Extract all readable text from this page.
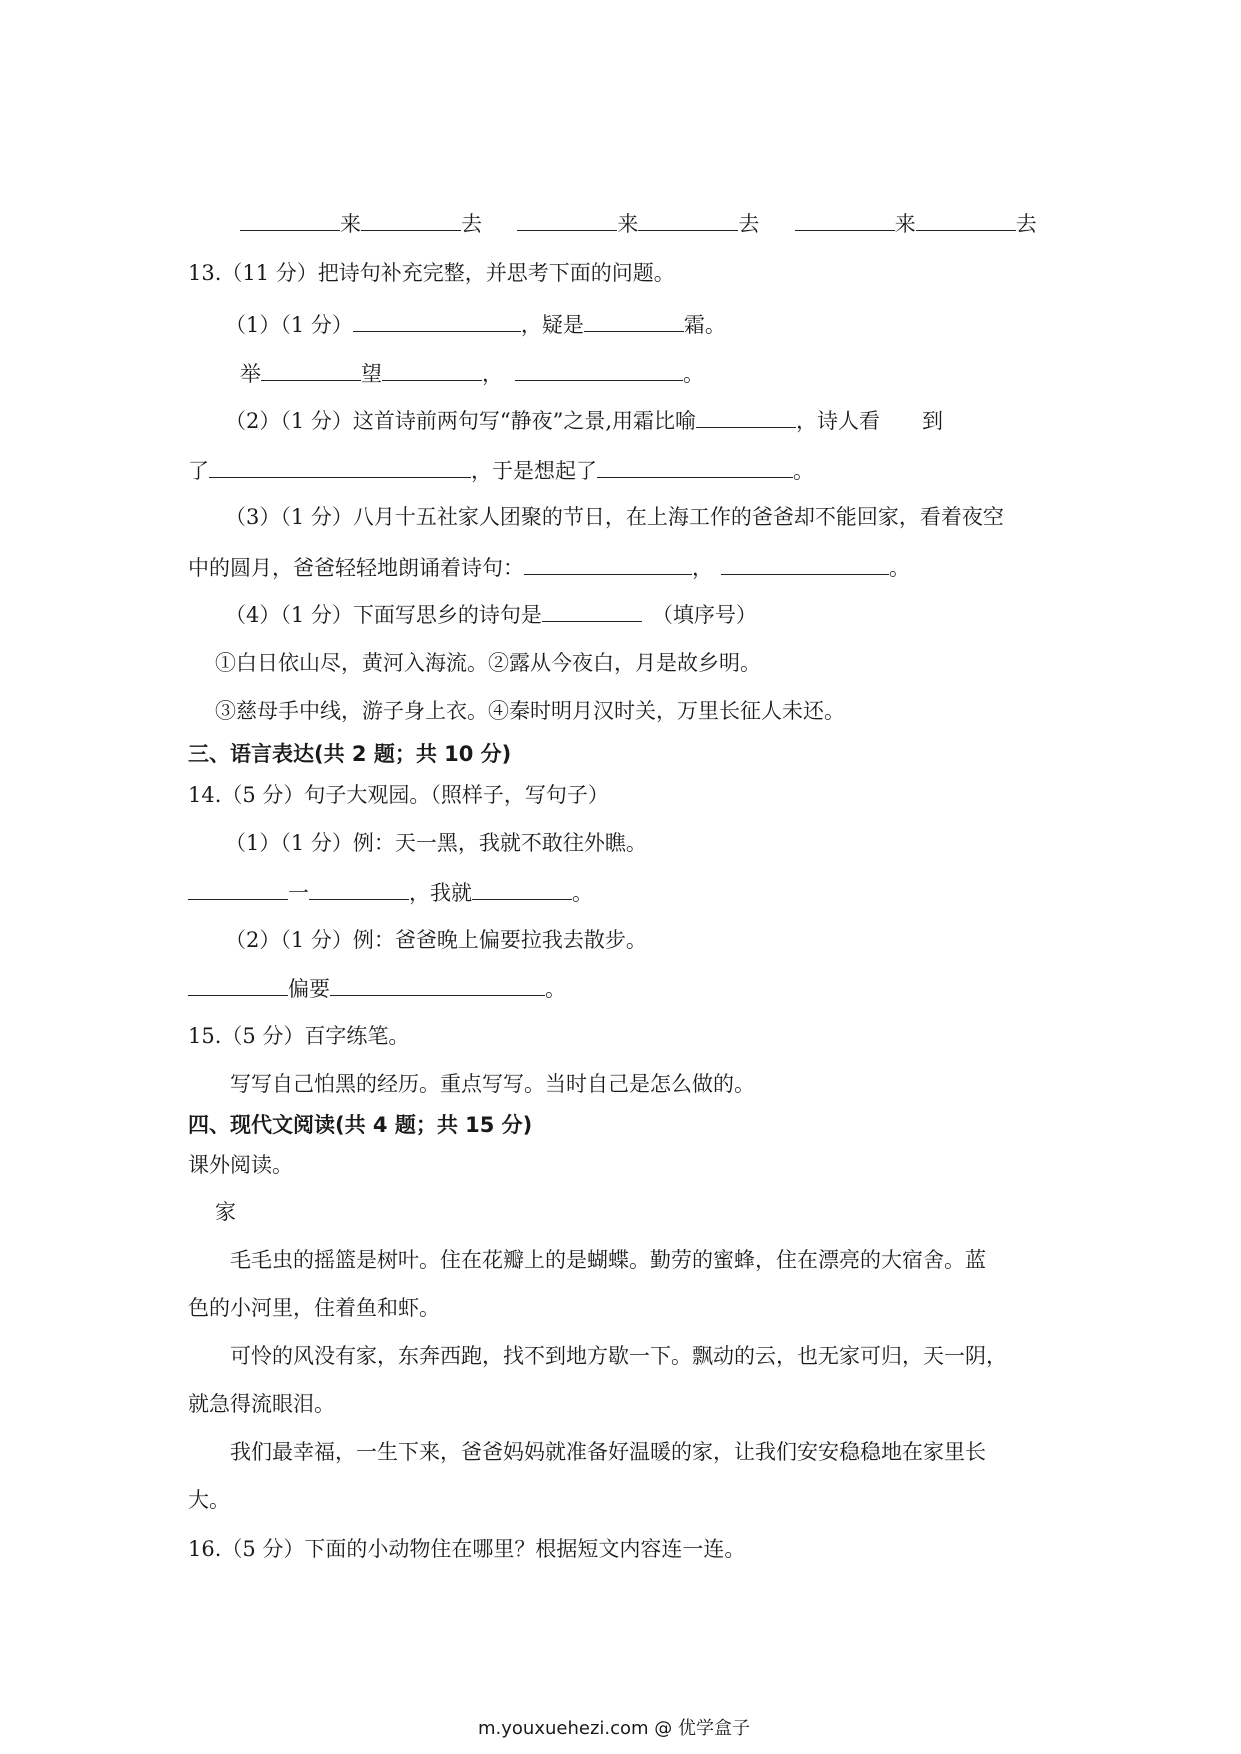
来	去	来	去	来	去
13.（11 分）把诗句补充完整，并思考下面的问题。
（1）（1 分）	，疑是	霜。
举	望	，	。
（2）（1 分）这首诗前两句写“静夜”之景,用霜比喻	，诗人看　　到
了	，于是想起了	。
（3）（1 分）八月十五社家人团聚的节日，在上海工作的爸爸却不能回家，看着夜空
中的圆月，爸爸轻轻地朗诵着诗句：	，	。
（4）（1 分）下面写思乡的诗句是	（填序号）
①白日依山尽，黄河入海流。②露从今夜白，月是故乡明。
③慈母手中线，游子身上衣。④秦时明月汉时关，万里长征人未还。
三、语言表达(共 2 题；共 10 分)
14.（5 分）句子大观园。（照样子，写句子）
（1）（1 分）例：天一黑，我就不敢往外瞧。
一	，我就	。
（2）（1 分）例：爸爸晚上偏要拉我去散步。
偏要	。
15.（5 分）百字练笔。
写写自己怕黑的经历。重点写写。当时自己是怎么做的。
四、现代文阅读(共 4 题；共 15 分)
课外阅读。
家
毛毛虫的摇篮是树叶。住在花瓣上的是蝴蝶。勤劳的蜜蜂，住在漂亮的大宿舍。蓝
色的小河里，住着鱼和虾。
可怜的风没有家，东奔西跑，找不到地方歇一下。飘动的云，也无家可归，天一阴，
就急得流眼泪。
我们最幸福，一生下来，爸爸妈妈就准备好温暖的家，让我们安安稳稳地在家里长
大。
16.（5 分）下面的小动物住在哪里？根据短文内容连一连。
m.youxuehezi.com @ 优学盒子
